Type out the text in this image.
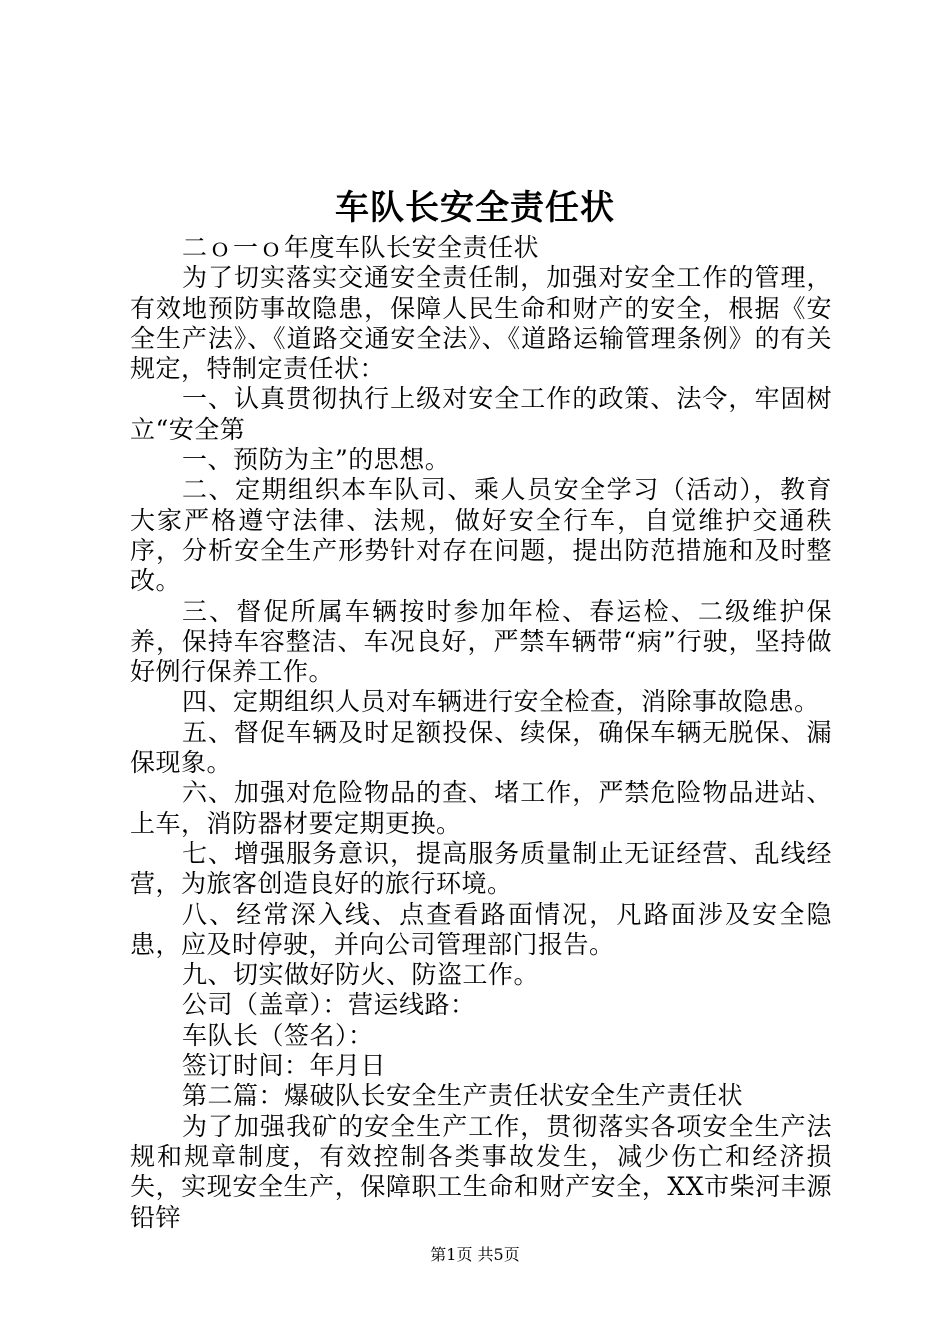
车队长安全责任状

二ｏ一ｏ年度车队长安全责任状

为了切实落实交通安全责任制，加强对安全工作的管理，有效地预防事故隐患，保障人民生命和财产的安全，根据《安全生产法》、《道路交通安全法》、《道路运输管理条例》的有关规定，特制定责任状：

一、认真贯彻执行上级对安全工作的政策、法令，牢固树立“安全第

一、预防为主”的思想。

二、定期组织本车队司、乘人员安全学习（活动），教育大家严格遵守法律、法规，做好安全行车，自觉维护交通秩序，分析安全生产形势针对存在问题，提出防范措施和及时整改。

三、督促所属车辆按时参加年检、春运检、二级维护保养，保持车容整洁、车况良好，严禁车辆带“病”行驶，坚持做好例行保养工作。

四、定期组织人员对车辆进行安全检查，消除事故隐患。

五、督促车辆及时足额投保、续保，确保车辆无脱保、漏保现象。

六、加强对危险物品的查、堵工作，严禁危险物品进站、上车，消防器材要定期更换。

七、增强服务意识，提高服务质量制止无证经营、乱线经营，为旅客创造良好的旅行环境。

八、经常深入线、点查看路面情况，凡路面涉及安全隐患，应及时停驶，并向公司管理部门报告。

九、切实做好防火、防盗工作。

公司（盖章）：营运线路：

车队长（签名）：

签订时间：年月日

第二篇：爆破队长安全生产责任状安全生产责任状

为了加强我矿的安全生产工作，贯彻落实各项安全生产法规和规章制度，有效控制各类事故发生，减少伤亡和经济损失，实现安全生产，保障职工生命和财产安全，XX市柴河丰源铅锌

第1页 共5页
